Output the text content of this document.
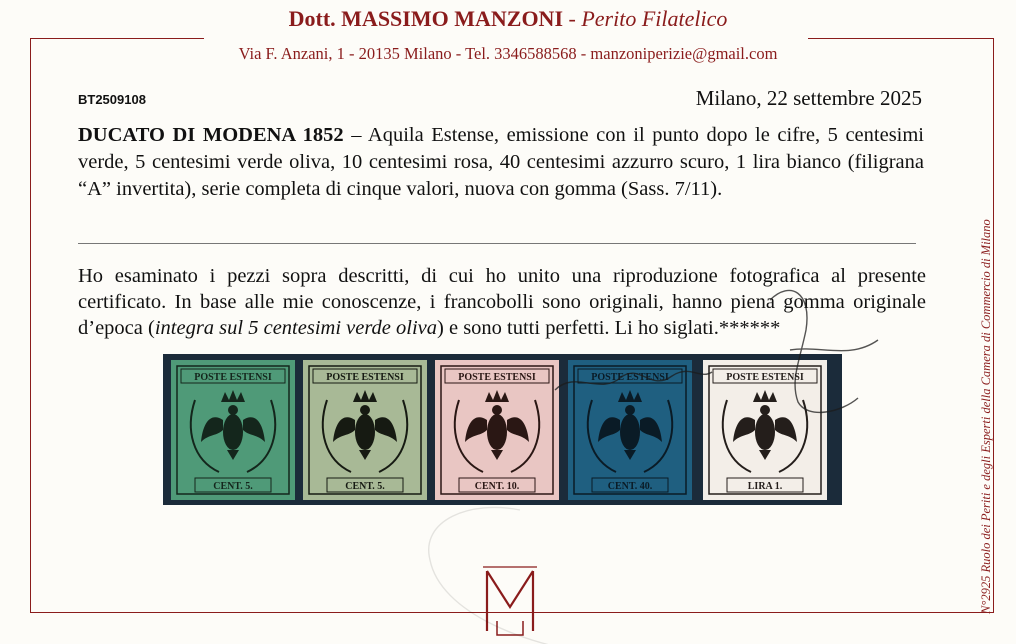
Dott. MASSIMO MANZONI - Perito Filatelico
Via F. Anzani, 1 - 20135 Milano - Tel. 3346588568 - manzoniperizie@gmail.com
BT2509108	Milano, 22 settembre 2025
DUCATO DI MODENA 1852 – Aquila Estense, emissione con il punto dopo le cifre, 5 centesimi verde, 5 centesimi verde oliva, 10 centesimi rosa, 40 centesimi azzurro scuro, 1 lira bianco (filigrana “A” invertita), serie completa di cinque valori, nuova con gomma (Sass. 7/11).
Ho esaminato i pezzi sopra descritti, di cui ho unito una riproduzione fotografica al presente certificato. In base alle mie conoscenze, i francobolli sono originali, hanno piena gomma originale d’epoca (integra sul 5 centesimi verde oliva) e sono tutti perfetti. Li ho siglati.******
POSTE ESTENSI
CENT. 5.
POSTE ESTENSI
CENT. 5.
POSTE ESTENSI
CENT. 10.
POSTE ESTENSI
CENT. 40.
POSTE ESTENSI
LIRA 1.	N°2925 Ruolo dei Periti e degli Esperti della Camera di Commercio di Milano
